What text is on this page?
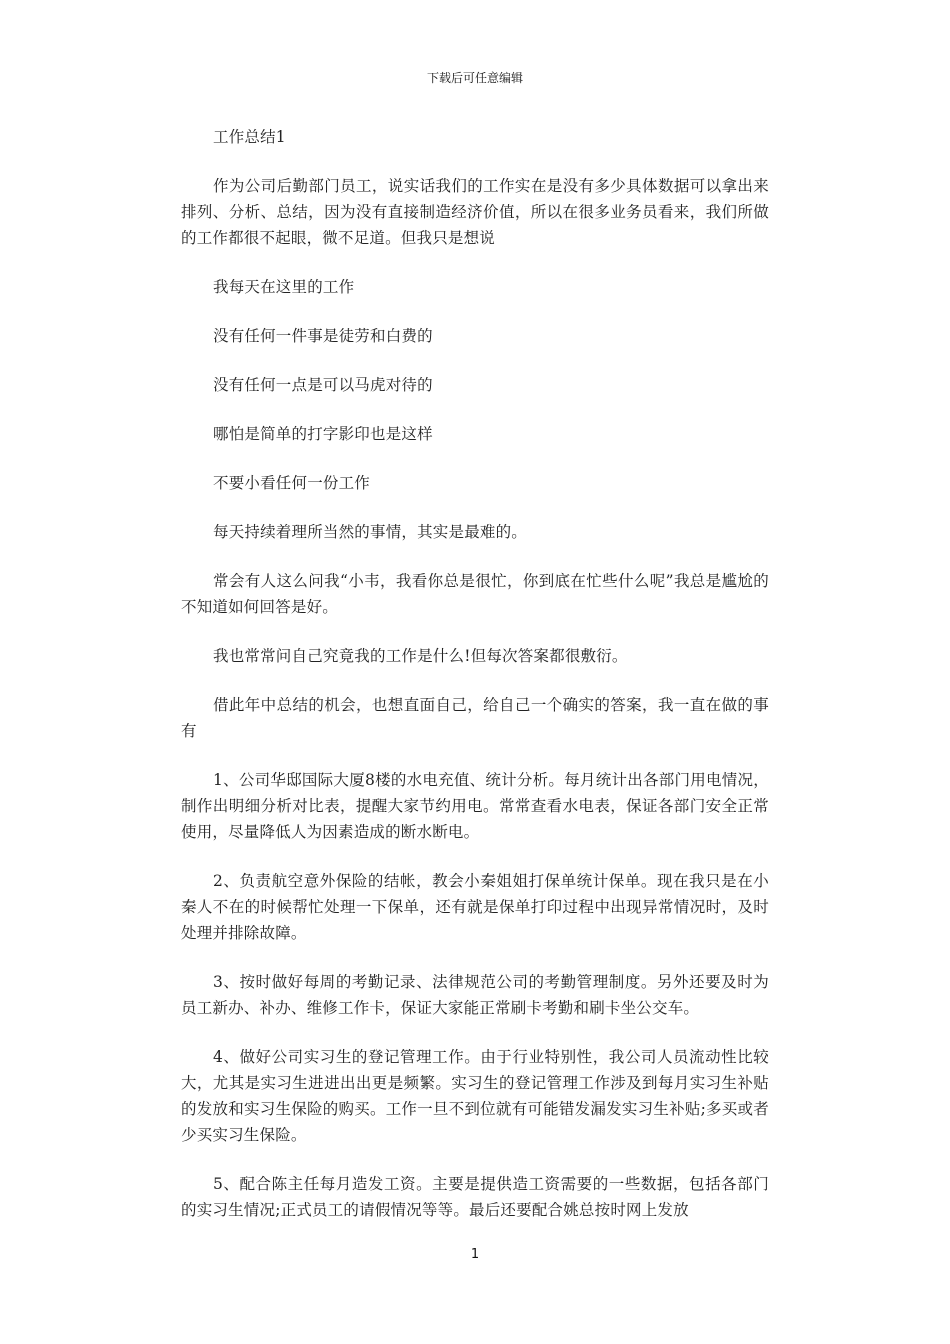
下载后可任意编辑

工作总结1

作为公司后勤部门员工，说实话我们的工作实在是没有多少具体数据可以拿出来排列、分析、总结，因为没有直接制造经济价值，所以在很多业务员看来，我们所做的工作都很不起眼，微不足道。但我只是想说

我每天在这里的工作

没有任何一件事是徒劳和白费的

没有任何一点是可以马虎对待的

哪怕是简单的打字影印也是这样

不要小看任何一份工作

每天持续着理所当然的事情，其实是最难的。

常会有人这么问我“小韦，我看你总是很忙，你到底在忙些什么呢”我总是尴尬的不知道如何回答是好。

我也常常问自己究竟我的工作是什么!但每次答案都很敷衍。

借此年中总结的机会，也想直面自己，给自己一个确实的答案，我一直在做的事有

1、公司华邸国际大厦8楼的水电充值、统计分析。每月统计出各部门用电情况，制作出明细分析对比表，提醒大家节约用电。常常查看水电表，保证各部门安全正常使用，尽量降低人为因素造成的断水断电。

2、负责航空意外保险的结帐，教会小秦姐姐打保单统计保单。现在我只是在小秦人不在的时候帮忙处理一下保单，还有就是保单打印过程中出现异常情况时，及时处理并排除故障。

3、按时做好每周的考勤记录、法律规范公司的考勤管理制度。另外还要及时为员工新办、补办、维修工作卡，保证大家能正常刷卡考勤和刷卡坐公交车。

4、做好公司实习生的登记管理工作。由于行业特别性，我公司人员流动性比较大，尤其是实习生进进出出更是频繁。实习生的登记管理工作涉及到每月实习生补贴的发放和实习生保险的购买。工作一旦不到位就有可能错发漏发实习生补贴;多买或者少买实习生保险。

5、配合陈主任每月造发工资。主要是提供造工资需要的一些数据，包括各部门的实习生情况;正式员工的请假情况等等。最后还要配合姚总按时网上发放

1
